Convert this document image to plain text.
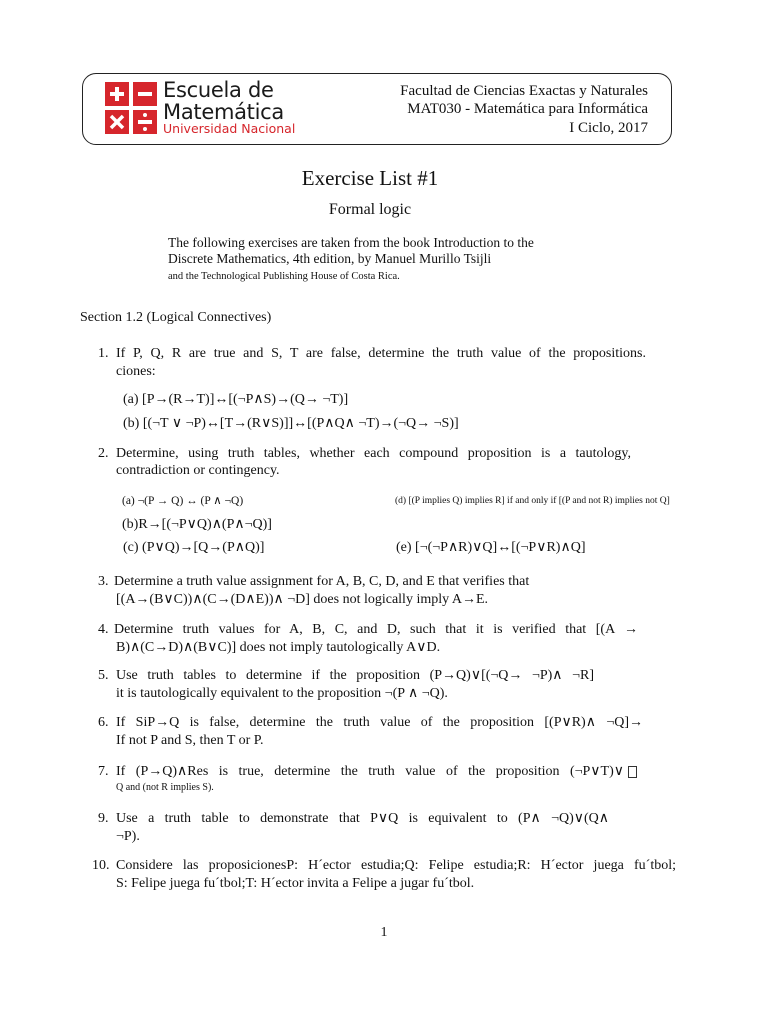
Escuela de
Matemática
Universidad Nacional
Facultad de Ciencias Exactas y Naturales
MAT030 - Matemática para Informática
I Ciclo, 2017
Exercise List #1
Formal logic
The following exercises are taken from the book Introduction to the
Discrete Mathematics, 4th edition, by Manuel Murillo Tsijli
and the Technological Publishing House of Costa Rica.
Section 1.2 (Logical Connectives)
1. If P, Q, R are true and S, T are false, determine the truth value of the propositions.
ciones:
(a) [P→(R→T)]↔[(¬P∧S)→(Q→ ¬T)]
(b) [(¬T ∨ ¬P)↔[T→(R∨S)]]↔[(P∧Q∧ ¬T)→(¬Q→ ¬S)]
2. Determine, using truth tables, whether each compound proposition is a tautology,
contradiction or contingency.
(a) ¬(P → Q) ↔ (P ∧ ¬Q)	(d) [(P implies Q) implies R] if and only if [(P and not R) implies not Q]
(b)R→[(¬P∨Q)∧(P∧¬Q)]
(c) (P∨Q)→[Q→(P∧Q)]	(e) [¬(¬P∧R)∨Q]↔[(¬P∨R)∧Q]
3. Determine a truth value assignment for A, B, C, D, and E that verifies that
[(A→(B∨C))∧(C→(D∧E))∧ ¬D] does not logically imply A→E.
4. Determine truth values for A, B, C, and D, such that it is verified that [(A →
B)∧(C→D)∧(B∨C)] does not imply tautologically A∨D.
5. Use truth tables to determine if the proposition (P→Q)∨[(¬Q→ ¬P)∧ ¬R]
it is tautologically equivalent to the proposition ¬(P ∧ ¬Q).
6. If SiP→Q is false, determine the truth value of the proposition [(P∨R)∧ ¬Q]→
If not P and S, then T or P.
7. If (P→Q)∧Res is true, determine the truth value of the proposition (¬P∨T)∨
Q and (not R implies S).
9. Use a truth table to demonstrate that P∨Q is equivalent to (P∧ ¬Q)∨(Q∧
¬P).
10. Considere las proposicionesP: H´ector estudia;Q: Felipe estudia;R: H´ector juega fu´tbol;
S: Felipe juega fu´tbol;T: H´ector invita a Felipe a jugar fu´tbol.
1
